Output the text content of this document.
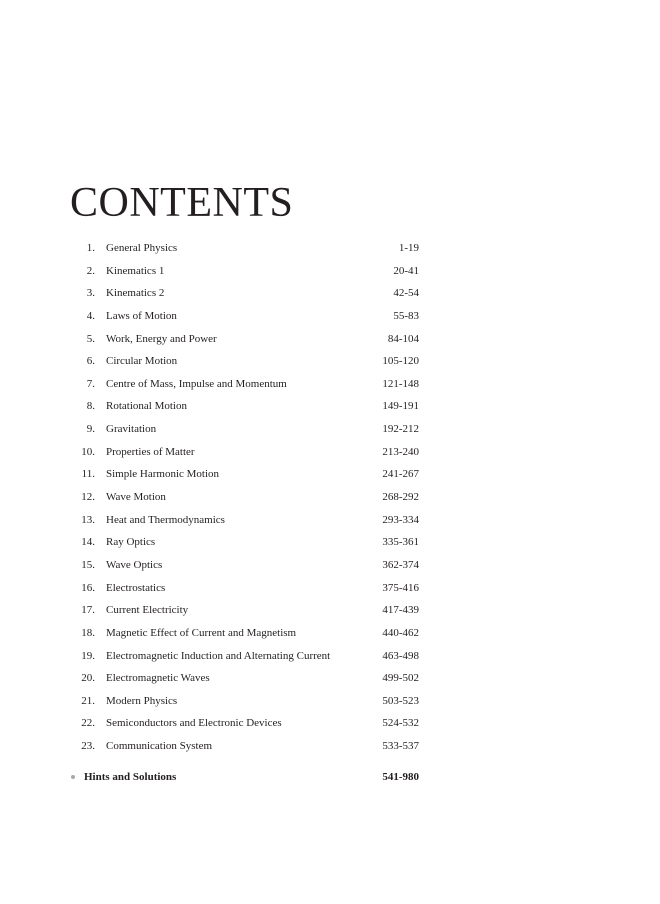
CONTENTS
1. General Physics	1-19
2. Kinematics 1	20-41
3. Kinematics 2	42-54
4. Laws of Motion	55-83
5. Work, Energy and Power	84-104
6. Circular Motion	105-120
7. Centre of Mass, Impulse and Momentum	121-148
8. Rotational Motion	149-191
9. Gravitation	192-212
10. Properties of Matter	213-240
11. Simple Harmonic Motion	241-267
12. Wave Motion	268-292
13. Heat and Thermodynamics	293-334
14. Ray Optics	335-361
15. Wave Optics	362-374
16. Electrostatics	375-416
17. Current Electricity	417-439
18. Magnetic Effect of Current and Magnetism	440-462
19. Electromagnetic Induction and Alternating Current	463-498
20. Electromagnetic Waves	499-502
21. Modern Physics	503-523
22. Semiconductors and Electronic Devices	524-532
23. Communication System	533-537
Hints and Solutions	541-980
